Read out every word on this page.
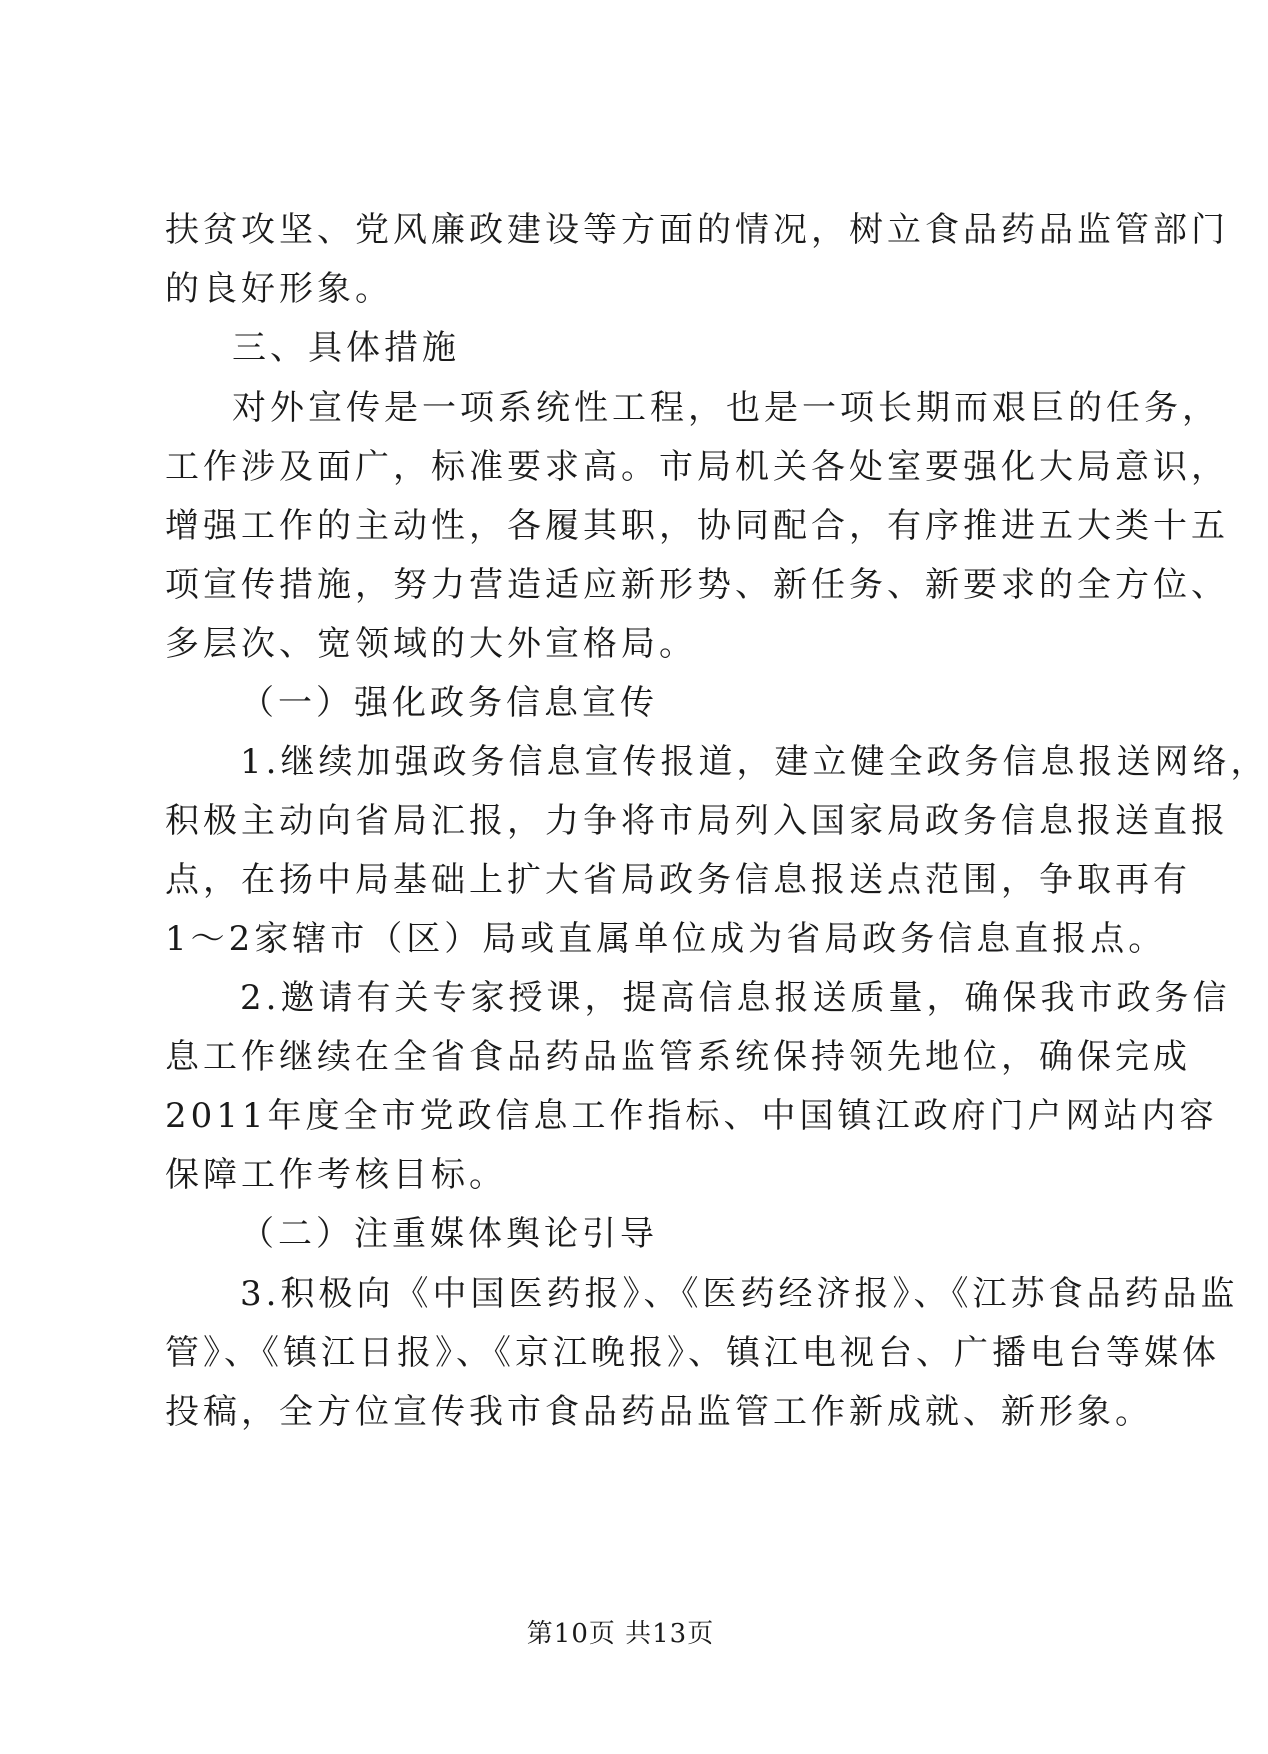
扶贫攻坚、党风廉政建设等方面的情况，树立食品药品监管部门
的良好形象。
三、具体措施
对外宣传是一项系统性工程，也是一项长期而艰巨的任务，
工作涉及面广，标准要求高。市局机关各处室要强化大局意识，
增强工作的主动性，各履其职，协同配合，有序推进五大类十五
项宣传措施，努力营造适应新形势、新任务、新要求的全方位、
多层次、宽领域的大外宣格局。
（一）强化政务信息宣传
1.继续加强政务信息宣传报道，建立健全政务信息报送网络，
积极主动向省局汇报，力争将市局列入国家局政务信息报送直报
点，在扬中局基础上扩大省局政务信息报送点范围，争取再有
1～2家辖市（区）局或直属单位成为省局政务信息直报点。
2.邀请有关专家授课，提高信息报送质量，确保我市政务信
息工作继续在全省食品药品监管系统保持领先地位，确保完成
2011年度全市党政信息工作指标、中国镇江政府门户网站内容
保障工作考核目标。
（二）注重媒体舆论引导
3.积极向《中国医药报》、《医药经济报》、《江苏食品药品监
管》、《镇江日报》、《京江晚报》、镇江电视台、广播电台等媒体
投稿，全方位宣传我市食品药品监管工作新成就、新形象。
第10页 共13页
